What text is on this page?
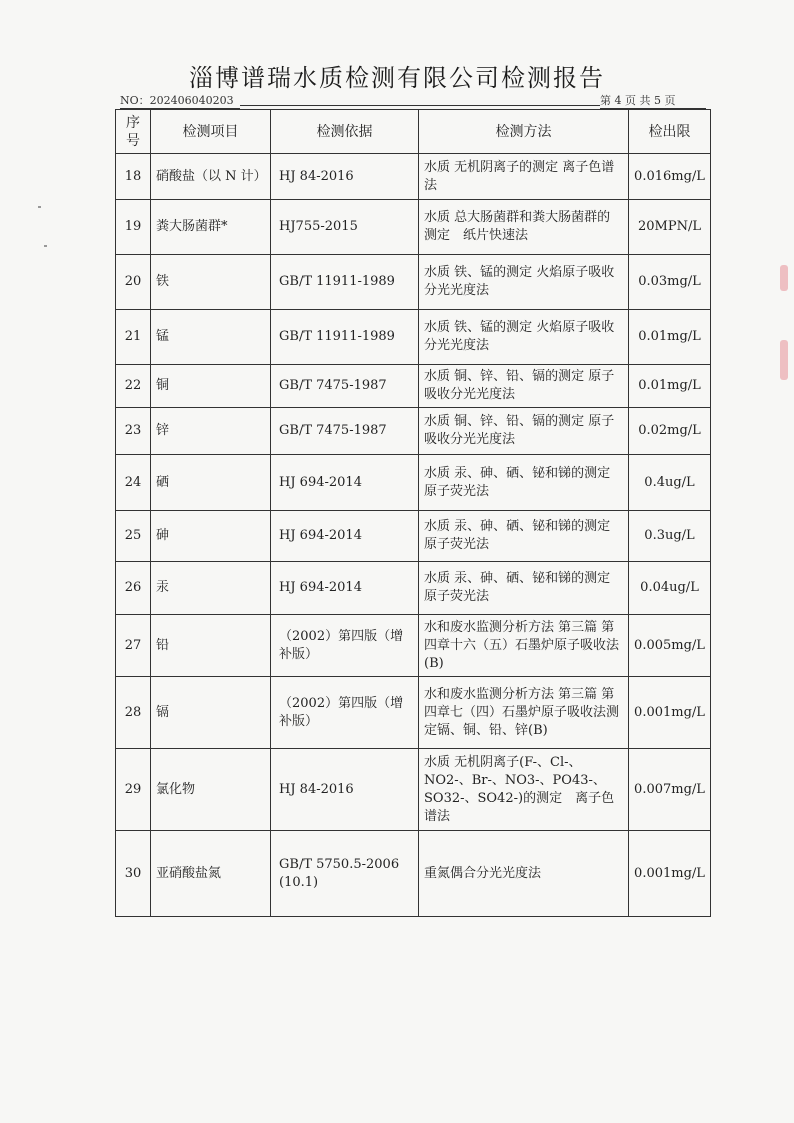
淄博谱瑞水质检测有限公司检测报告
NO：202406040203	第 4 页 共 5 页
序号	检测项目	检测依据	检测方法	检出限
18	硝酸盐（以 N 计）	HJ 84-2016	水质 无机阴离子的测定 离子色谱法	0.016mg/L
19	粪大肠菌群*	HJ755-2015	水质 总大肠菌群和粪大肠菌群的测定　纸片快速法	20MPN/L
20	铁	GB/T 11911-1989	水质 铁、锰的测定 火焰原子吸收分光光度法	0.03mg/L
21	锰	GB/T 11911-1989	水质 铁、锰的测定 火焰原子吸收分光光度法	0.01mg/L
22	铜	GB/T 7475-1987	水质 铜、锌、铅、镉的测定 原子吸收分光光度法	0.01mg/L
23	锌	GB/T 7475-1987	水质 铜、锌、铅、镉的测定 原子吸收分光光度法	0.02mg/L
24	硒	HJ 694-2014	水质 汞、砷、硒、铋和锑的测定 原子荧光法	0.4ug/L
25	砷	HJ 694-2014	水质 汞、砷、硒、铋和锑的测定 原子荧光法	0.3ug/L
26	汞	HJ 694-2014	水质 汞、砷、硒、铋和锑的测定 原子荧光法	0.04ug/L
27	铅	（2002）第四版（增补版）	水和废水监测分析方法 第三篇 第四章十六（五）石墨炉原子吸收法(B)	0.005mg/L
28	镉	（2002）第四版（增补版）	水和废水监测分析方法 第三篇 第四章七（四）石墨炉原子吸收法测定镉、铜、铅、锌(B)	0.001mg/L
29	氯化物	HJ 84-2016	水质 无机阴离子(F-、Cl-、NO2-、Br-、NO3-、PO43-、SO32-、SO42-)的测定　离子色谱法	0.007mg/L
30	亚硝酸盐氮	GB/T 5750.5-2006 (10.1)	重氮偶合分光光度法	0.001mg/L
